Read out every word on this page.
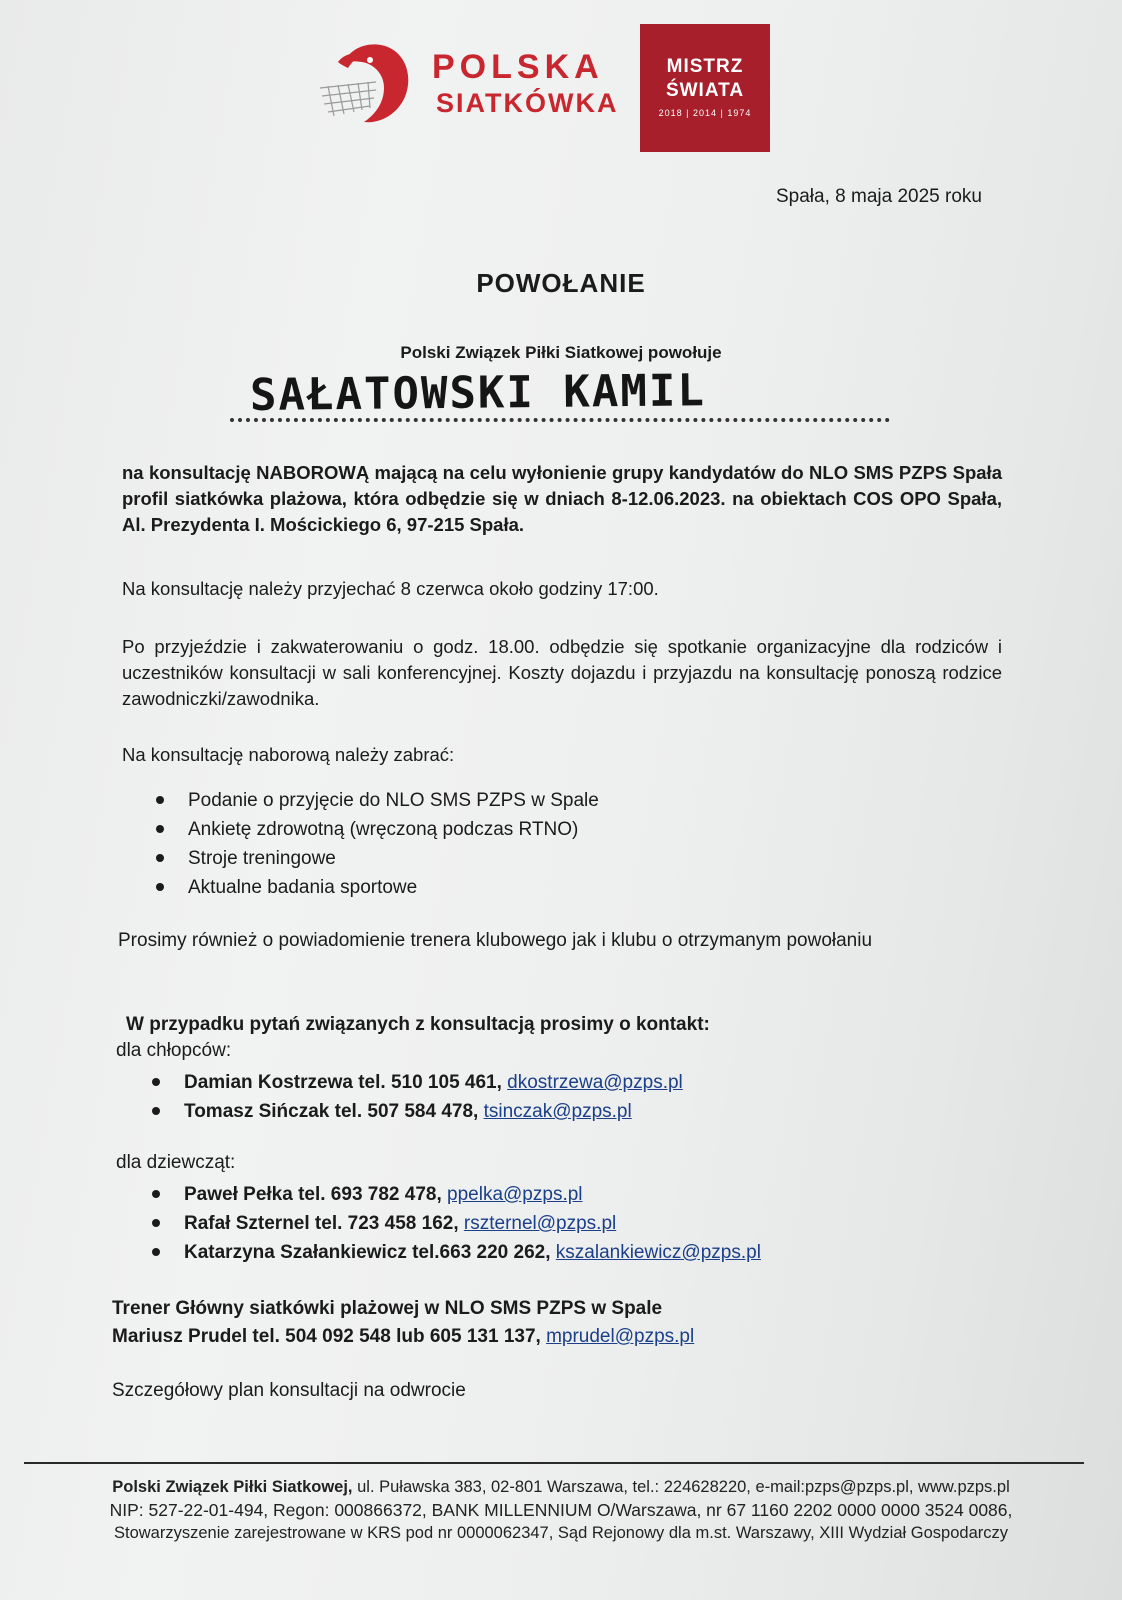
POLSKA
SIATKÓWKA
MISTRZ
ŚWIATA
2018 | 2014 | 1974
Spała, 8 maja 2025 roku
POWOŁANIE
Polski Związek Piłki Siatkowej powołuje
SAŁATOWSKI KAMIL
na konsultację NABOROWĄ mającą na celu wyłonienie grupy kandydatów do NLO SMS PZPS Spała profil siatkówka plażowa, która odbędzie się w dniach 8-12.06.2023. na obiektach COS OPO Spała, Al. Prezydenta I. Mościckiego 6, 97-215 Spała.
Na konsultację należy przyjechać 8 czerwca około godziny 17:00.
Po przyjeździe i zakwaterowaniu o godz. 18.00. odbędzie się spotkanie organizacyjne dla rodziców i uczestników konsultacji w sali konferencyjnej. Koszty dojazdu i przyjazdu na konsultację ponoszą rodzice zawodniczki/zawodnika.
Na konsultację naborową należy zabrać:
Podanie o przyjęcie do NLO SMS PZPS w Spale
Ankietę zdrowotną (wręczoną podczas RTNO)
Stroje treningowe
Aktualne badania sportowe
Prosimy również o powiadomienie trenera klubowego jak i klubu o otrzymanym powołaniu
W przypadku pytań związanych z konsultacją prosimy o kontakt:
dla chłopców:
Damian Kostrzewa tel. 510 105 461, dkostrzewa@pzps.pl
Tomasz Sińczak tel. 507 584 478, tsinczak@pzps.pl
dla dziewcząt:
Paweł Pełka tel. 693 782 478, ppelka@pzps.pl
Rafał Szternel tel. 723 458 162, rszternel@pzps.pl
Katarzyna Szałankiewicz tel.663 220 262, kszalankiewicz@pzps.pl
Trener Główny siatkówki plażowej w NLO SMS PZPS w Spale
Mariusz Prudel tel. 504 092 548 lub 605 131 137, mprudel@pzps.pl
Szczegółowy plan konsultacji na odwrocie
Polski Związek Piłki Siatkowej, ul. Puławska 383, 02-801 Warszawa, tel.: 224628220, e-mail:pzps@pzps.pl, www.pzps.pl
NIP: 527-22-01-494, Regon: 000866372, BANK MILLENNIUM O/Warszawa, nr 67 1160 2202 0000 0000 3524 0086,
Stowarzyszenie zarejestrowane w KRS pod nr 0000062347, Sąd Rejonowy dla m.st. Warszawy, XIII Wydział Gospodarczy
